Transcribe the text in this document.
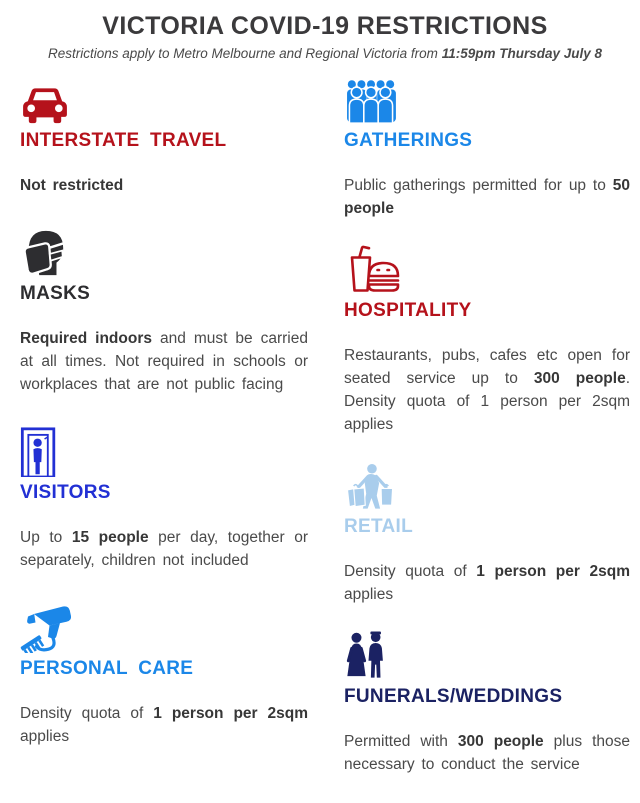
VICTORIA COVID-19 RESTRICTIONS

Restrictions apply to Metro Melbourne and Regional Victoria from 11:59pm Thursday July 8

INTERSTATE TRAVEL

Not restricted

MASKS

Required indoors and must be carried at all times. Not required in schools or workplaces that are not public facing

VISITORS

Up to 15 people per day, together or separately, children not included

PERSONAL CARE

Density quota of 1 person per 2sqm applies

GATHERINGS

Public gatherings permitted for up to 50 people

HOSPITALITY

Restaurants, pubs, cafes etc open for seated service up to 300 people. Density quota of 1 person per 2sqm applies

RETAIL

Density quota of 1 person per 2sqm applies

FUNERALS/WEDDINGS

Permitted with 300 people plus those necessary to conduct the service
